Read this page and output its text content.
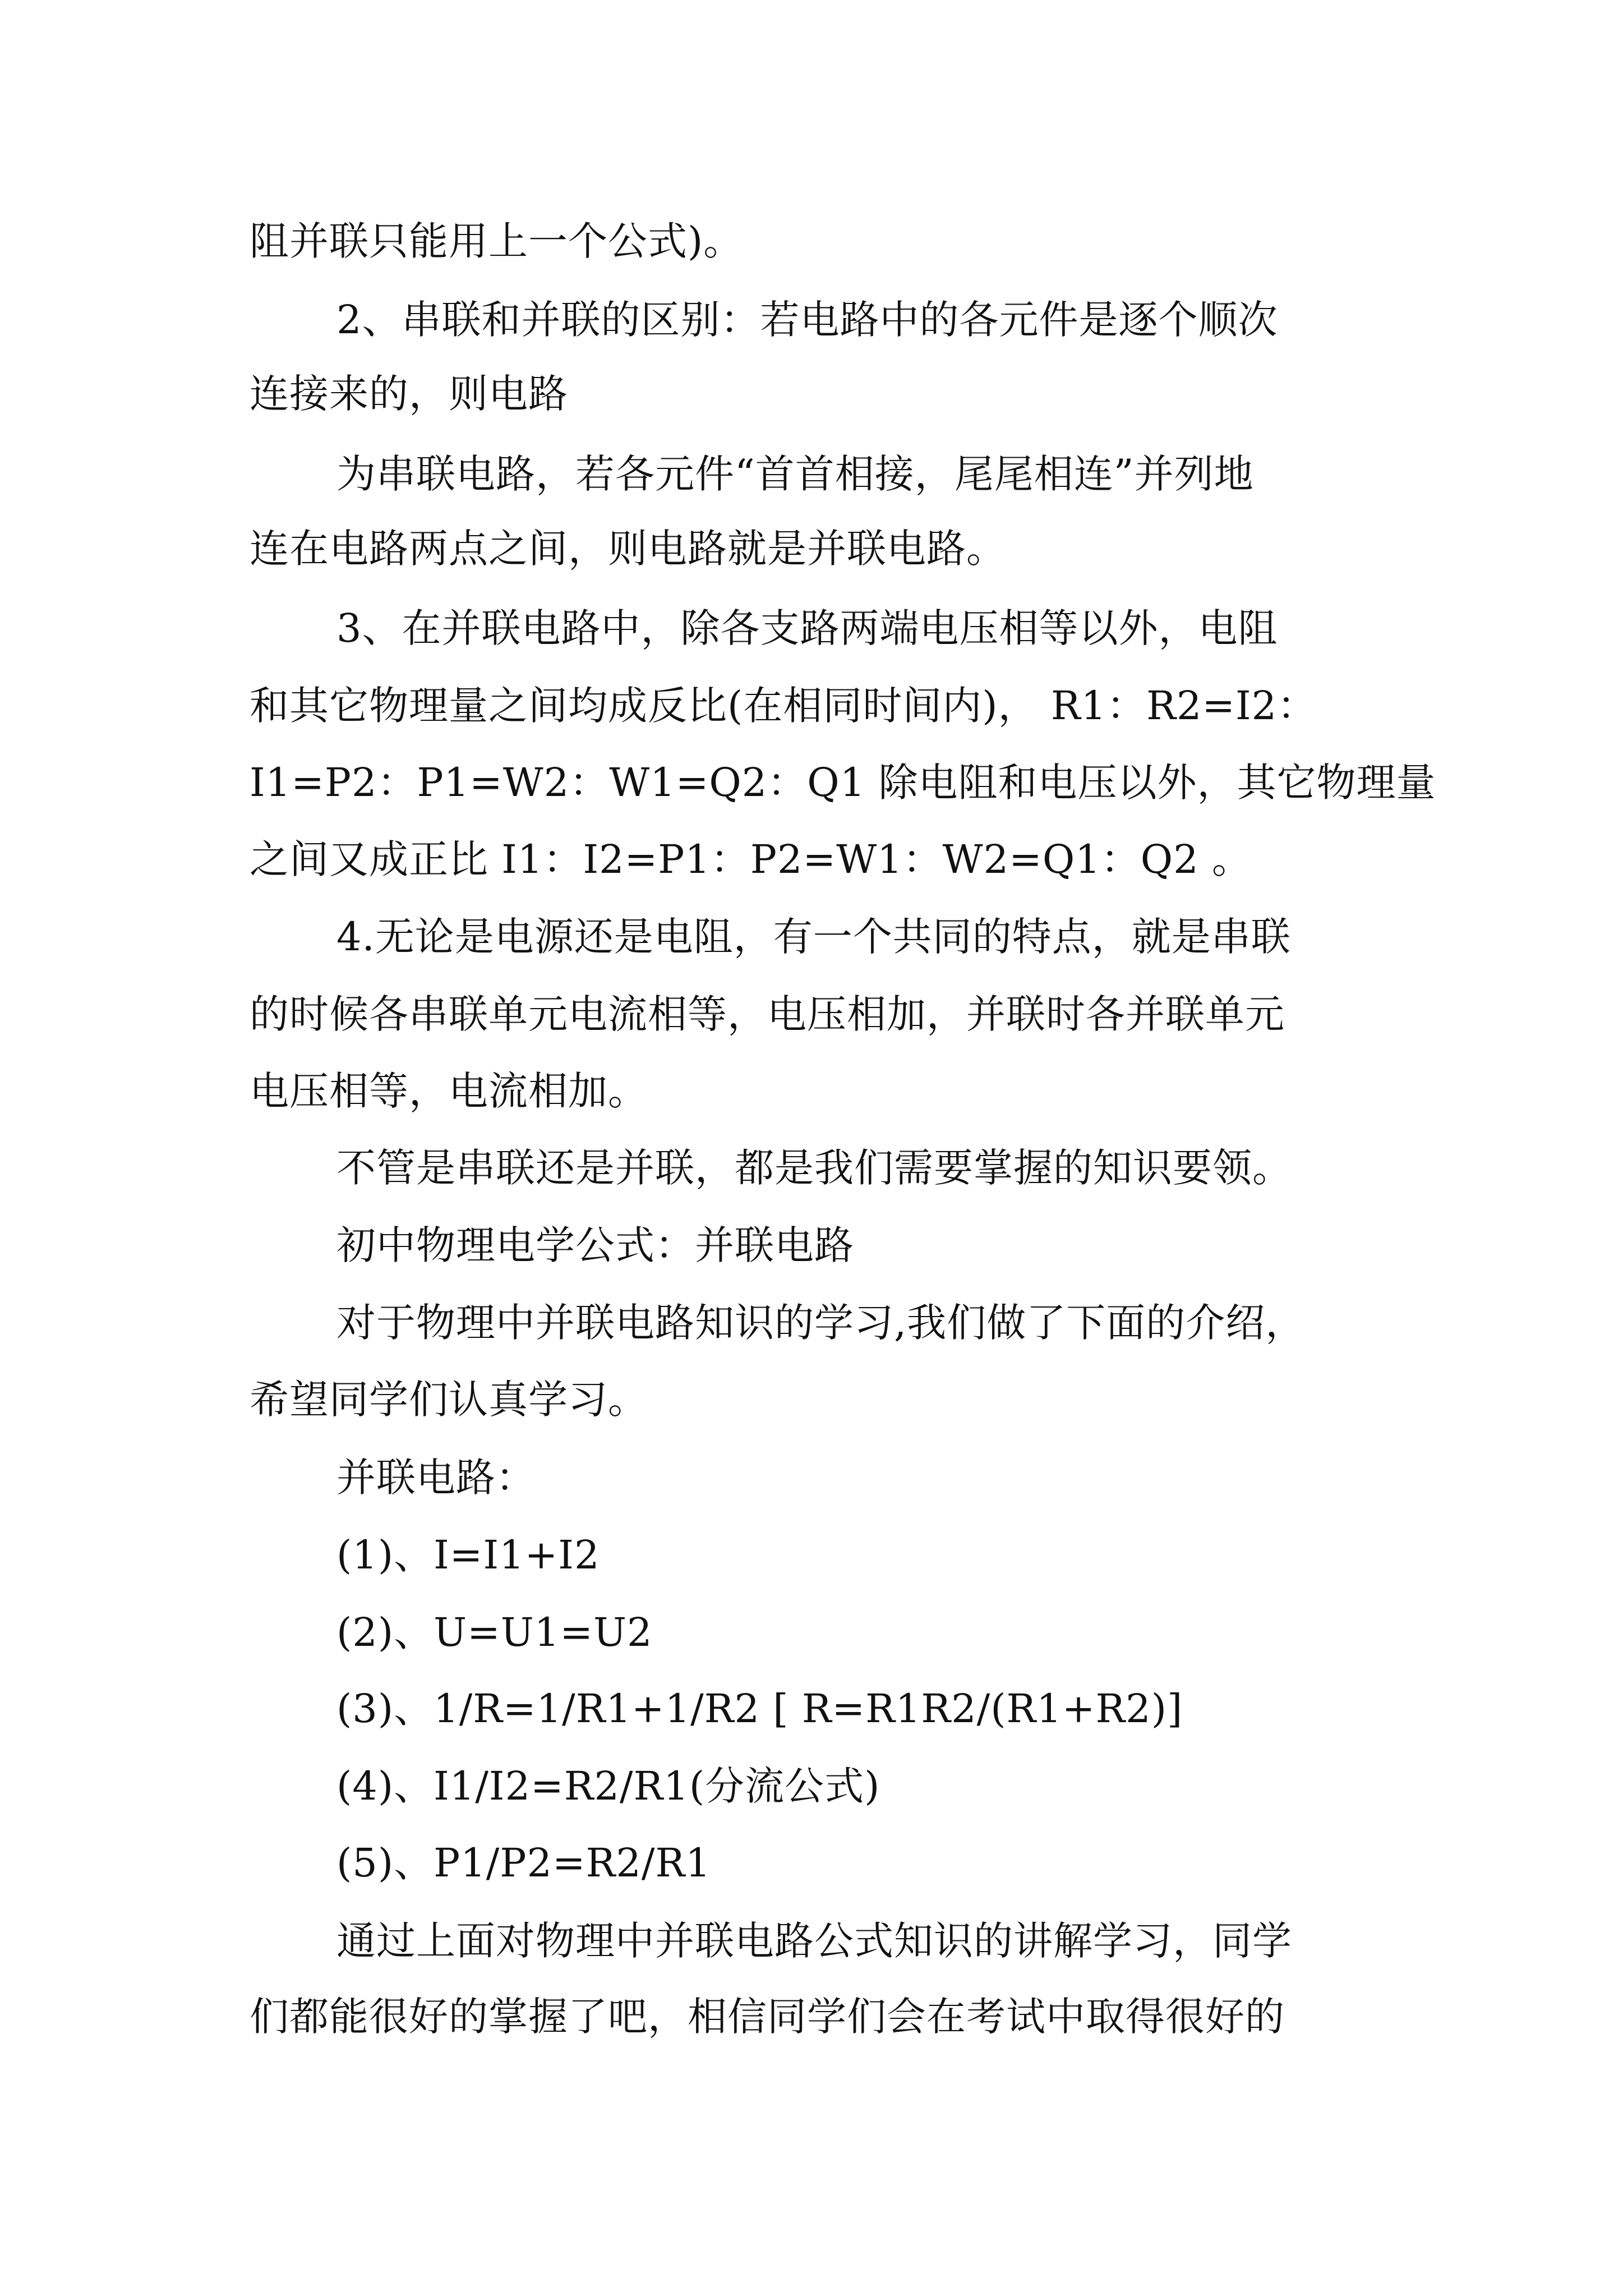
阻并联只能用上一个公式)。
2、串联和并联的区别：若电路中的各元件是逐个顺次
连接来的，则电路
为串联电路，若各元件“首首相接，尾尾相连”并列地
连在电路两点之间，则电路就是并联电路。
3、在并联电路中，除各支路两端电压相等以外，电阻
和其它物理量之间均成反比(在相同时间内)， R1：R2=I2：
I1=P2：P1=W2：W1=Q2：Q1 除电阻和电压以外，其它物理量
之间又成正比 I1：I2=P1：P2=W1：W2=Q1：Q2 。
4.无论是电源还是电阻，有一个共同的特点，就是串联
的时候各串联单元电流相等，电压相加，并联时各并联单元
电压相等，电流相加。
不管是串联还是并联，都是我们需要掌握的知识要领。
初中物理电学公式：并联电路
对于物理中并联电路知识的学习,我们做了下面的介绍，
希望同学们认真学习。
并联电路：
(1)、I=I1+I2
(2)、U=U1=U2
(3)、1/R=1/R1+1/R2 [ R=R1R2/(R1+R2)]
(4)、I1/I2=R2/R1(分流公式)
(5)、P1/P2=R2/R1
通过上面对物理中并联电路公式知识的讲解学习，同学
们都能很好的掌握了吧，相信同学们会在考试中取得很好的
